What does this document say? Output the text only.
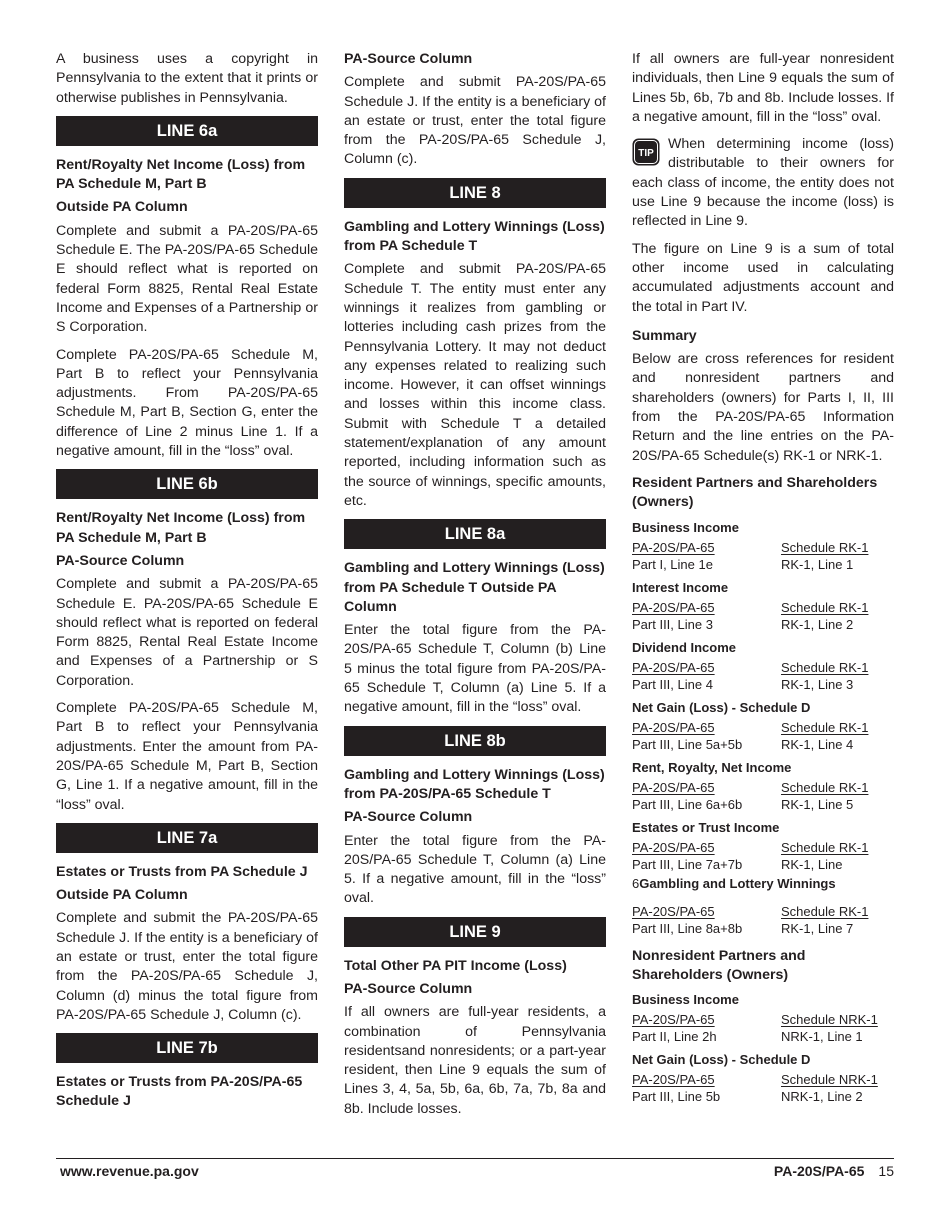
A business uses a copyright in Pennsylvania to the extent that it prints or otherwise publishes in Pennsylvania.

LINE 6a
Rent/Royalty Net Income (Loss) from PA Schedule M, Part B
Outside PA Column

Complete and submit a PA-20S/PA-65 Schedule E. The PA-20S/PA-65 Schedule E should reflect what is reported on federal Form 8825, Rental Real Estate Income and Expenses of a Partnership or S Corporation.

Complete PA-20S/PA-65 Schedule M, Part B to reflect your Pennsylvania adjustments. From PA-20S/PA-65 Schedule M, Part B, Section G, enter the difference of Line 2 minus Line 1. If a negative amount, fill in the “loss” oval.

LINE 6b
Rent/Royalty Net Income (Loss) from PA Schedule M, Part B
PA-Source Column

Complete and submit a PA-20S/PA-65 Schedule E. PA-20S/PA-65 Schedule E should reflect what is reported on federal Form 8825, Rental Real Estate Income and Expenses of a Partnership or S Corporation.

Complete PA-20S/PA-65 Schedule M, Part B to reflect your Pennsylvania adjustments. Enter the amount from PA-20S/PA-65 Schedule M, Part B, Section G, Line 1. If a negative amount, fill in the “loss” oval.

LINE 7a
Estates or Trusts from PA Schedule J
Outside PA Column

Complete and submit the PA-20S/PA-65 Schedule J. If the entity is a beneficiary of an estate or trust, enter the total figure from the PA-20S/PA-65 Schedule J, Column (d) minus the total figure from PA-20S/PA-65 Schedule J, Column (c).

LINE 7b
Estates or Trusts from PA-20S/PA-65 Schedule J
PA-Source Column

Complete and submit PA-20S/PA-65 Schedule J. If the entity is a beneficiary of an estate or trust, enter the total figure from the PA-20S/PA-65 Schedule J, Column (c).

LINE 8
Gambling and Lottery Winnings (Loss) from PA Schedule T

Complete and submit PA-20S/PA-65 Schedule T. The entity must enter any winnings it realizes from gambling or lotteries including cash prizes from the Pennsylvania Lottery. It may not deduct any expenses related to realizing such income. However, it can offset winnings and losses within this income class. Submit with Schedule T a detailed statement/explanation of any amount reported, including information such as the source of winnings, specific amounts, etc.

LINE 8a
Gambling and Lottery Winnings (Loss) from PA Schedule T Outside PA Column

Enter the total figure from the PA-20S/PA-65 Schedule T, Column (b) Line 5 minus the total figure from PA-20S/PA-65 Schedule T, Column (a) Line 5. If a negative amount, fill in the “loss” oval.

LINE 8b
Gambling and Lottery Winnings (Loss) from PA-20S/PA-65 Schedule T
PA-Source Column

Enter the total figure from the PA-20S/PA-65 Schedule T, Column (a) Line 5. If a negative amount, fill in the “loss” oval.

LINE 9
Total Other PA PIT Income (Loss)
PA-Source Column

If all owners are full-year residents, a combination of Pennsylvania residentsand nonresidents; or a part-year resident, then Line 9 equals the sum of Lines 3, 4, 5a, 5b, 6a, 6b, 7a, 7b, 8a and 8b. Include losses.

If all owners are full-year nonresident individuals, then Line 9 equals the sum of Lines 5b, 6b, 7b and 8b. Include losses. If a negative amount, fill in the “loss” oval.

TIP

When determining income (loss) distributable to their owners for each class of income, the entity does not use Line 9 because the income (loss) is reflected in Line 9.

The figure on Line 9 is a sum of total other income used in calculating accumulated adjustments account and the total in Part IV.

Summary

Below are cross references for resident and nonresident partners and shareholders (owners) for Parts I, II, III from the PA-20S/PA-65 Information Return and the line entries on the PA-20S/PA-65 Schedule(s) RK-1 or NRK-1.

Resident Partners and Shareholders (Owners)
Business Income
PA-20S/PA-65
Part I, Line 1e
Schedule RK-1
RK-1, Line 1
Interest Income
PA-20S/PA-65
Part III, Line 3
Schedule RK-1
RK-1, Line 2
Dividend Income
PA-20S/PA-65
Part III, Line 4
Schedule RK-1
RK-1, Line 3
Net Gain (Loss) - Schedule D
PA-20S/PA-65
Part III, Line 5a+5b
Schedule RK-1
RK-1, Line 4
Rent, Royalty, Net Income
PA-20S/PA-65
Part III, Line 6a+6b
Schedule RK-1
RK-1, Line 5
Estates or Trust Income
PA-20S/PA-65
Part III, Line 7a+7b
Schedule RK-1
RK-1, Line
6Gambling and Lottery Winnings
PA-20S/PA-65
Part III, Line 8a+8b
Schedule RK-1
RK-1, Line 7
Nonresident Partners and Shareholders (Owners)
Business Income
PA-20S/PA-65
Part II, Line 2h
Schedule NRK-1
NRK-1, Line 1
Net Gain (Loss) - Schedule D
PA-20S/PA-65
Part III, Line 5b
Schedule NRK-1
NRK-1, Line 2
www.revenue.pa.gov	PA-20S/PA-65 15
